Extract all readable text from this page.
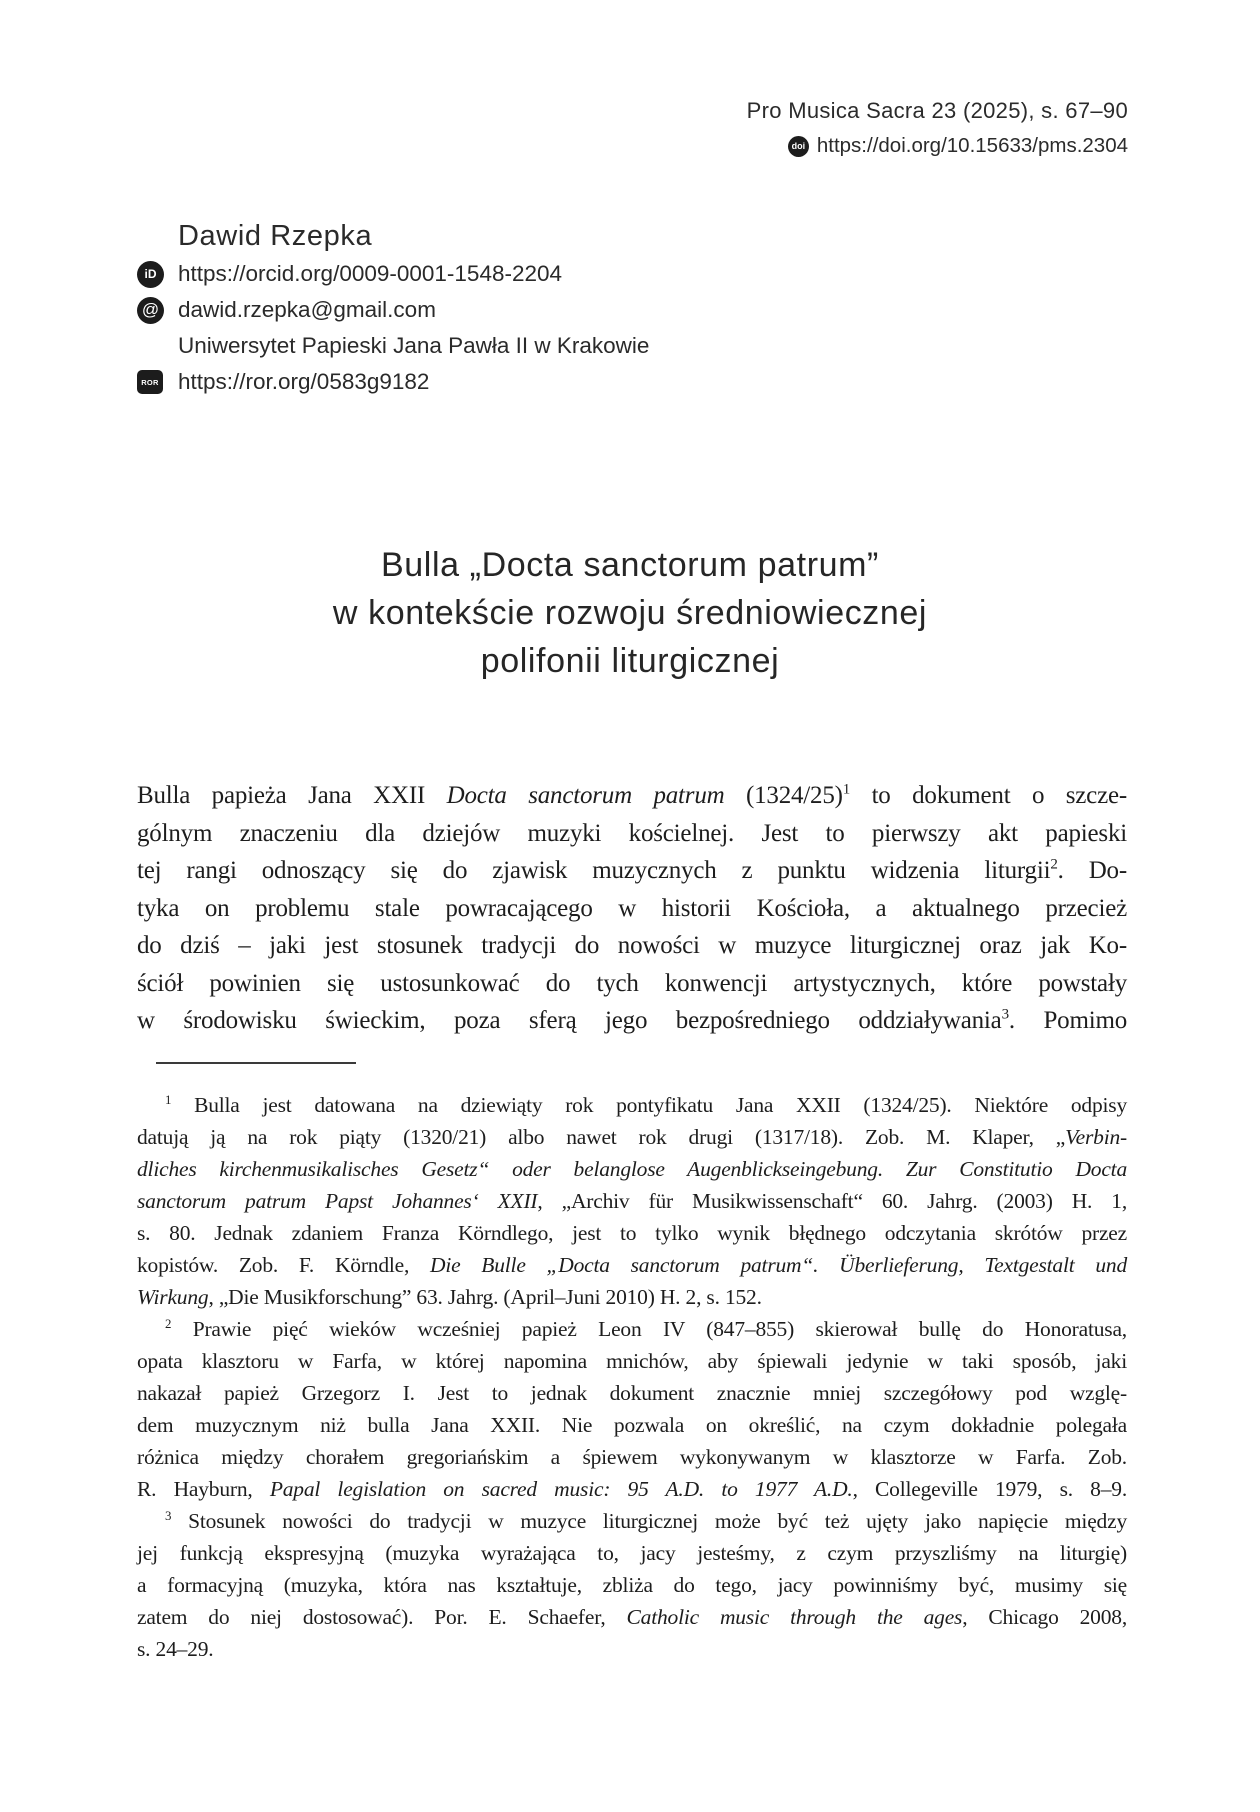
Pro Musica Sacra 23 (2025), s. 67–90
doi https://doi.org/10.15633/pms.2304
Dawid Rzepka
iD https://orcid.org/0009-0001-1548-2204
@ dawid.rzepka@gmail.com
Uniwersytet Papieski Jana Pawła II w Krakowie
ROR https://ror.org/0583g9182
Bulla „Docta sanctorum patrum”
w kontekście rozwoju średniowiecznej
polifonii liturgicznej
Bulla papieża Jana XXII Docta sanctorum patrum $(1324/25)^1$ to dokument o szcze-
gólnym znaczeniu dla dziejów muzyki kościelnej. Jest to pierwszy akt papieski
tej rangi odnoszący się do zjawisk muzycznych z punktu widzenia liturgii$^2$. Do-
tyka on problemu stale powracającego w historii Kościoła, a aktualnego przecież
do dziś – jaki jest stosunek tradycji do nowości w muzyce liturgicznej oraz jak Ko-
ściół powinien się ustosunkować do tych konwencji artystycznych, które powstały
w środowisku świeckim, poza sferą jego bezpośredniego oddziaływania$^3$. Pomimo
$^1$ Bulla jest datowana na dziewiąty rok pontyfikatu Jana XXII (1324/25). Niektóre odpisy
datują ją na rok piąty (1320/21) albo nawet rok drugi (1317/18). Zob. M. Klaper, „Verbin-
dliches kirchenmusikalisches Gesetz“ oder belanglose Augenblickseingebung. Zur Constitutio Docta
sanctorum patrum Papst Johannes‘ XXII, „Archiv für Musikwissenschaft“ 60. Jahrg. (2003) H. 1,
s. 80. Jednak zdaniem Franza Körndlego, jest to tylko wynik błędnego odczytania skrótów przez
kopistów. Zob. F. Körndle, Die Bulle „Docta sanctorum patrum“. Überlieferung, Textgestalt und
Wirkung, „Die Musikforschung” 63. Jahrg. (April–Juni 2010) H. 2, s. 152.
$^2$ Prawie pięć wieków wcześniej papież Leon IV (847–855) skierował bullę do Honoratusa,
opata klasztoru w Farfa, w której napomina mnichów, aby śpiewali jedynie w taki sposób, jaki
nakazał papież Grzegorz I. Jest to jednak dokument znacznie mniej szczegółowy pod wzglę-
dem muzycznym niż bulla Jana XXII. Nie pozwala on określić, na czym dokładnie polegała
różnica między chorałem gregoriańskim a śpiewem wykonywanym w klasztorze w Farfa. Zob.
R. Hayburn, Papal legislation on sacred music: 95 A.D. to 1977 A.D., Collegeville 1979, s. 8–9.
$^3$ Stosunek nowości do tradycji w muzyce liturgicznej może być też ujęty jako napięcie między
jej funkcją ekspresyjną (muzyka wyrażająca to, jacy jesteśmy, z czym przyszliśmy na liturgię)
a formacyjną (muzyka, która nas kształtuje, zbliża do tego, jacy powinniśmy być, musimy się
zatem do niej dostosować). Por. E. Schaefer, Catholic music through the ages, Chicago 2008,
s. 24–29.
